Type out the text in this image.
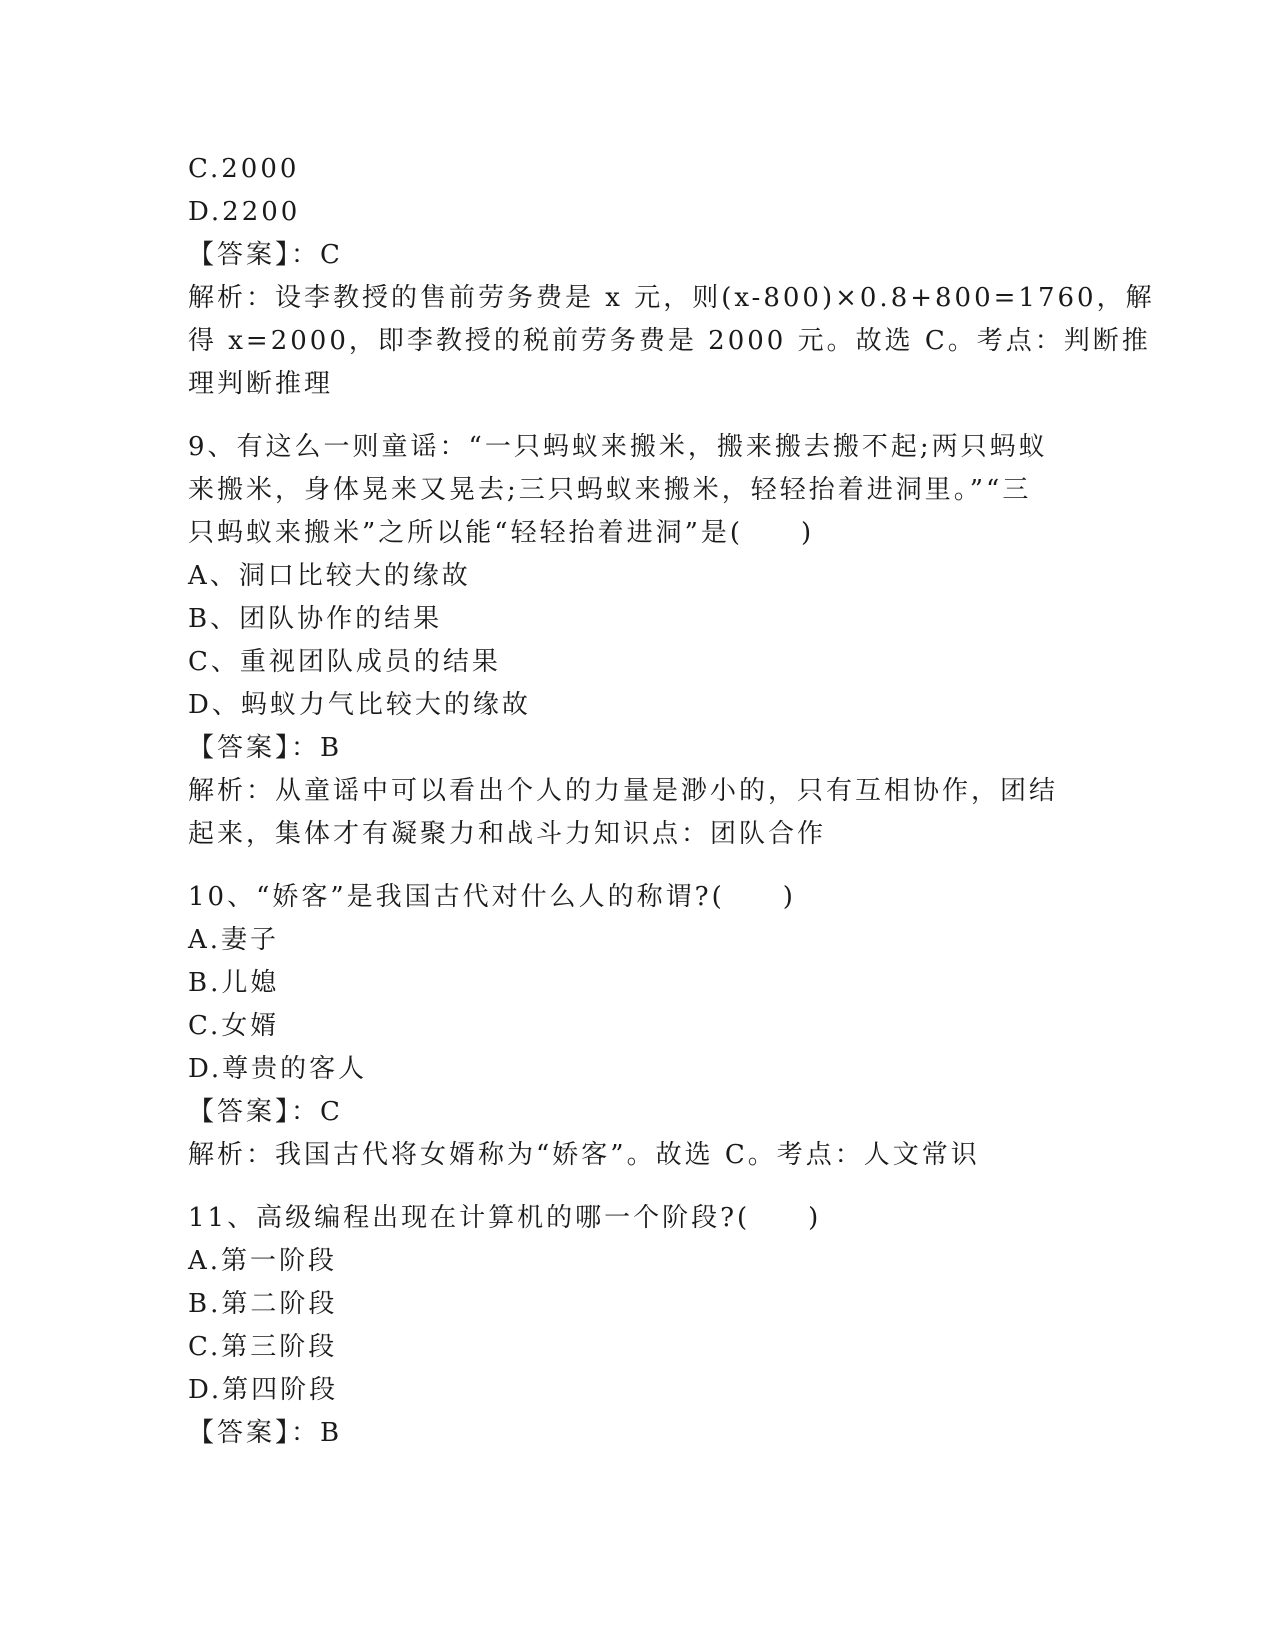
C.2000
D.2200
【答案】：C
解析：设李教授的售前劳务费是 x 元，则(x-800)×0.8+800=1760，解
得 x=2000，即李教授的税前劳务费是 2000 元。故选 C。考点：判断推
理判断推理
9、有这么一则童谣：“一只蚂蚁来搬米，搬来搬去搬不起;两只蚂蚁
来搬米，身体晃来又晃去;三只蚂蚁来搬米，轻轻抬着进洞里。”“三
只蚂蚁来搬米”之所以能“轻轻抬着进洞”是(　　)
A、洞口比较大的缘故
B、团队协作的结果
C、重视团队成员的结果
D、蚂蚁力气比较大的缘故
【答案】：B
解析：从童谣中可以看出个人的力量是渺小的，只有互相协作，团结
起来，集体才有凝聚力和战斗力知识点：团队合作
10、“娇客”是我国古代对什么人的称谓?(　　)
A.妻子
B.儿媳
C.女婿
D.尊贵的客人
【答案】：C
解析：我国古代将女婿称为“娇客”。故选 C。考点：人文常识
11、高级编程出现在计算机的哪一个阶段?(　　)
A.第一阶段
B.第二阶段
C.第三阶段
D.第四阶段
【答案】：B
